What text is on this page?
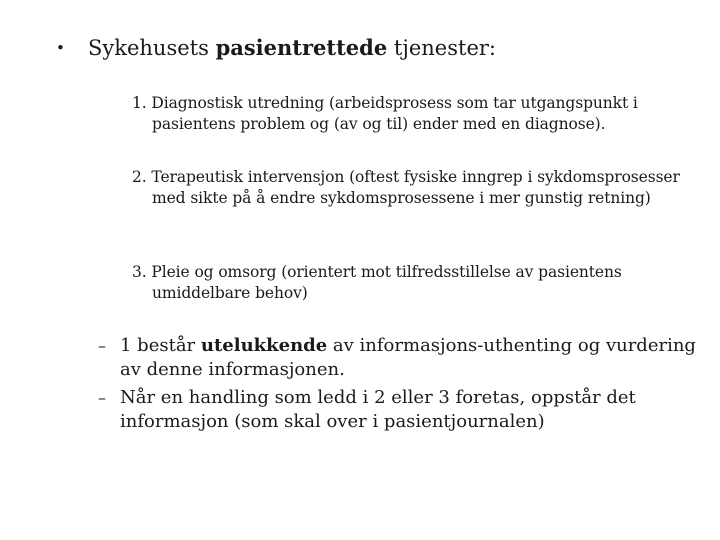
• Sykehusets pasientrettede tjenester:
1. Diagnostisk utredning (arbeidsprosess som tar utgangspunkt i pasientens problem og (av og til) ender med en diagnose).
2. Terapeutisk intervensjon (oftest fysiske inngrep i sykdomsprosesser med sikte på å endre sykdomsprosessene i mer gunstig retning)
3. Pleie og omsorg (orientert mot tilfredsstillelse av pasientens umiddelbare behov)
– 1 består utelukkende av informasjons-uthenting og vurdering av denne informasjonen.
– Når en handling som ledd i 2 eller 3 foretas, oppstår det informasjon (som skal over i pasientjournalen)
